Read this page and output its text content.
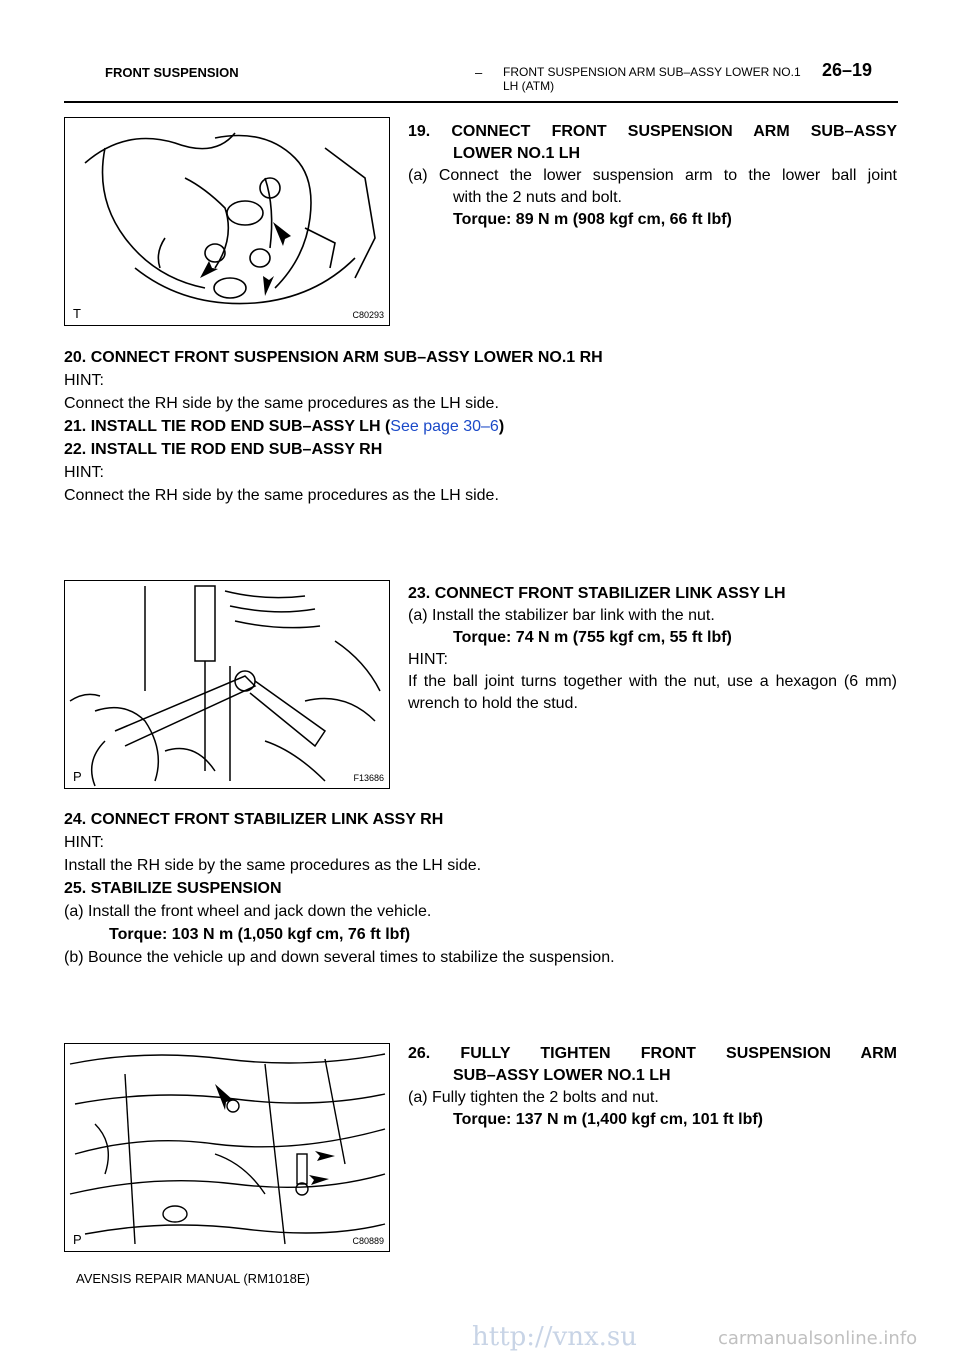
FRONT SUSPENSION	– FRONT SUSPENSION ARM SUB–ASSY LOWER NO.1
LH (ATM)
26–19
T	C80293
P	F13686
P	C80889
19. CONNECT FRONT SUSPENSION ARM SUB–ASSY
LOWER NO.1 LH
(a) Connect the lower suspension arm to the lower ball joint
with the 2 nuts and bolt.
Torque: 89 N m (908 kgf cm, 66 ft lbf)
20. CONNECT FRONT SUSPENSION ARM SUB–ASSY LOWER NO.1 RH
HINT:
Connect the RH side by the same procedures as the LH side.
21. INSTALL TIE ROD END SUB–ASSY LH (See page 30–6)
22. INSTALL TIE ROD END SUB–ASSY RH
HINT:
Connect the RH side by the same procedures as the LH side.
23. CONNECT FRONT STABILIZER LINK ASSY LH
(a) Install the stabilizer bar link with the nut.
Torque: 74 N m (755 kgf cm, 55 ft lbf)
HINT:
If the ball joint turns together with the nut, use a hexagon (6 mm)
wrench to hold the stud.
24. CONNECT FRONT STABILIZER LINK ASSY RH
HINT:
Install the RH side by the same procedures as the LH side.
25. STABILIZE SUSPENSION
(a) Install the front wheel and jack down the vehicle.
Torque: 103 N m (1,050 kgf cm, 76 ft lbf)
(b) Bounce the vehicle up and down several times to stabilize the suspension.
26. FULLY TIGHTEN FRONT SUSPENSION ARM
SUB–ASSY LOWER NO.1 LH
(a) Fully tighten the 2 bolts and nut.
Torque: 137 N m (1,400 kgf cm, 101 ft lbf)
AVENSIS REPAIR MANUAL (RM1018E)
http://vnx.su	carmanualsonline.info
